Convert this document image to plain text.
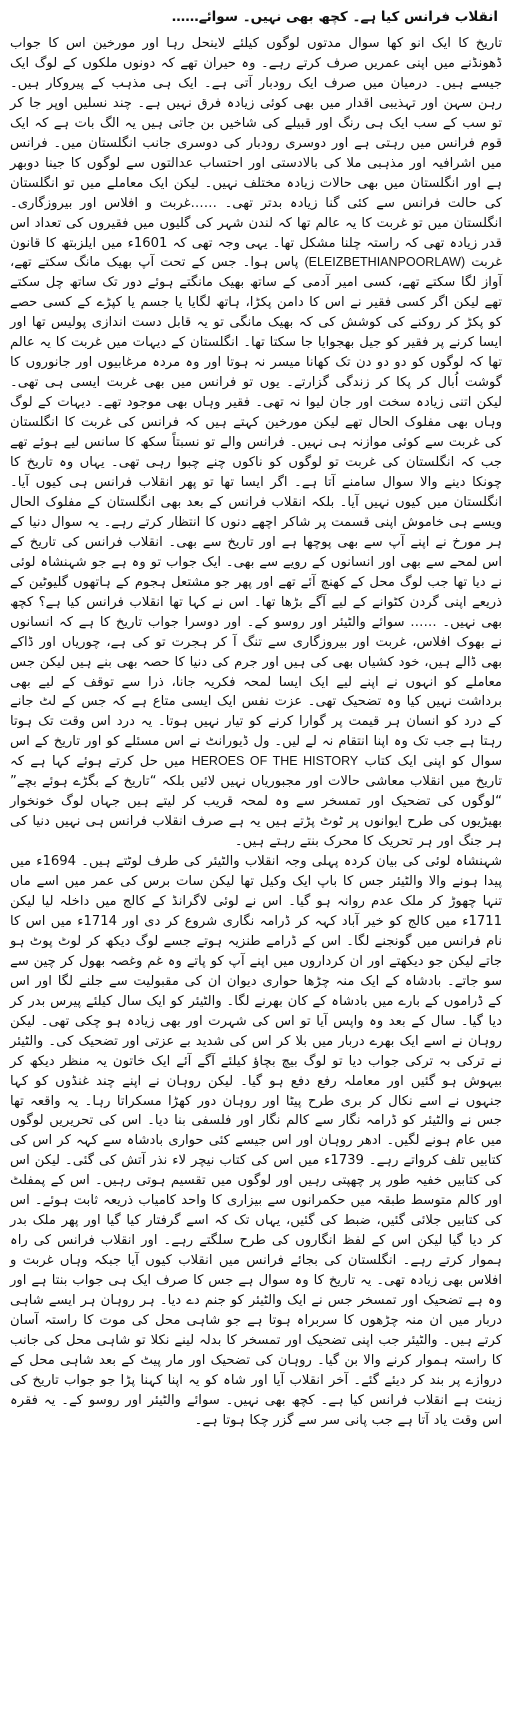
انقلاب فرانس کیا ہے۔ کچھ بھی نہیں۔ سوائے……
تاریخ کا ایک انو کھا سوال مدتوں لوگوں کیلئے لاینحل رہا اور مورخین اس کا جواب ڈھونڈنے میں اپنی عمریں صرف کرتے رہے۔ وہ حیران تھے کہ دونوں ملکوں کے لوگ ایک جیسے ہیں۔ درمیان میں صرف ایک رودبار آتی ہے۔ ایک ہی مذہب کے پیروکار ہیں۔ رہن سہن اور تہذیبی اقدار میں بھی کوئی زیادہ فرق نہیں ہے۔ چند نسلیں اوپر جا کر تو سب کے سب ایک ہی رنگ اور قبیلے کی شاخیں بن جاتی ہیں یہ الگ بات ہے کہ ایک قوم فرانس میں رہتی ہے اور دوسری رودبار کی دوسری جانب انگلستان میں۔ فرانس میں اشرافیہ اور مذہبی ملا کی بالادستی اور احتساب عدالتوں سے لوگوں کا جینا دوبھر ہے اور انگلستان میں بھی حالات زیادہ مختلف نہیں۔ لیکن ایک معاملے میں تو انگلستان کی حالت فرانس سے کئی گنا زیادہ بدتر تھی۔ ……غربت و افلاس اور بیروزگاری۔ انگلستان میں تو غربت کا یہ عالم تھا کہ لندن شہر کی گلیوں میں فقیروں کی تعداد اس قدر زیادہ تھی کہ راستہ چلنا مشکل تھا۔ یہی وجہ تھی کہ 1601ء میں ایلزبتھ کا قانون غربت (ELEIZBETHIANPOORLAW) پاس ہوا۔ جس کے تحت آپ بھیک مانگ سکتے تھے، آواز لگا سکتے تھے، کسی امیر آدمی کے ساتھ بھیک مانگتے ہوئے دور تک ساتھ چل سکتے تھے لیکن اگر کسی فقیر نے اس کا دامن پکڑا، ہاتھ لگایا یا جسم یا کپڑے کے کسی حصے کو پکڑ کر روکنے کی کوشش کی کہ بھیک مانگی تو یہ قابل دست اندازی پولیس تھا اور ایسا کرنے پر فقیر کو جیل بھجوایا جا سکتا تھا۔ انگلستان کے دیہات میں غربت کا یہ عالم تھا کہ لوگوں کو دو دو دن تک کھانا میسر نہ ہوتا اور وہ مردہ مرغابیوں اور جانوروں کا گوشت اُبال کر پکا کر زندگی گزارتے۔ یوں تو فرانس میں بھی غربت ایسی ہی تھی۔ لیکن اتنی زیادہ سخت اور جان لیوا نہ تھی۔ فقیر وہاں بھی موجود تھے۔ دیہات کے لوگ وہاں بھی مفلوک الحال تھے لیکن مورخین کہتے ہیں کہ فرانس کی غربت کا انگلستان کی غربت سے کوئی موازنہ ہی نہیں۔ فرانس والے تو نسبتاً سکھ کا سانس لیے ہوئے تھے جب کہ انگلستان کی غربت تو لوگوں کو ناکوں چنے چبوا رہی تھی۔ یہاں وہ تاریخ کا چونکا دینے والا سوال سامنے آتا ہے۔ اگر ایسا تھا تو پھر انقلاب فرانس ہی کیوں آیا۔ انگلستان میں کیوں نہیں آیا۔ بلکہ انقلاب فرانس کے بعد بھی انگلستان کے مفلوک الحال ویسے ہی خاموش اپنی قسمت پر شاکر اچھے دنوں کا انتظار کرتے رہے۔ یہ سوال دنیا کے ہر مورخ نے اپنے آپ سے بھی پوچھا ہے اور تاریخ سے بھی۔ انقلاب فرانس کی تاریخ کے اس لمحے سے بھی اور انسانوں کے رویے سے بھی۔ ایک جواب تو وہ ہے جو شہنشاہ لوئی نے دیا تھا جب لوگ محل کے کھنچ آئے تھے اور پھر جو مشتعل ہجوم کے ہاتھوں گلیوٹین کے ذریعے اپنی گردن کٹوانے کے لیے آگے بڑھا تھا۔ اس نے کہا تھا انقلاب فرانس کیا ہے؟ کچھ بھی نہیں۔ …… سوائے والٹیئر اور روسو کے۔ اور دوسرا جواب تاریخ کا ہے کہ انسانوں نے بھوک افلاس، غربت اور بیروزگاری سے تنگ آ کر ہجرت تو کی ہے، چوریاں اور ڈاکے بھی ڈالے ہیں، خود کشیاں بھی کی ہیں اور جرم کی دنیا کا حصہ بھی بنے ہیں لیکن جس معاملے کو انہوں نے اپنے لیے ایک ایسا لمحہ فکریہ جانا، ذرا سے توقف کے لیے بھی برداشت نہیں کیا وہ تضحیک تھی۔ عزت نفس ایک ایسی متاع ہے کہ جس کے لٹ جانے کے درد کو انسان ہر قیمت پر گوارا کرنے کو تیار نہیں ہوتا۔ یہ درد اس وقت تک ہوتا رہتا ہے جب تک وہ اپنا انتقام نہ لے لیں۔ ول ڈیورانٹ نے اس مسئلے کو اور تاریخ کے اس سوال کو اپنی ایک کتاب HEROES OF THE HISTORY میں حل کرتے ہوئے کہا ہے کہ تاریخ میں انقلاب معاشی حالات اور مجبوریاں نہیں لائیں بلکہ “تاریخ کے بگڑے ہوئے بچے” “لوگوں کی تضحیک اور تمسخر سے وہ لمحہ قریب کر لیتے ہیں جہاں لوگ خونخوار بھیڑیوں کی طرح ایوانوں پر ٹوٹ پڑتے ہیں یہ ہے صرف انقلاب فرانس ہی نہیں دنیا کی ہر جنگ اور ہر تحریک کا محرک بنتے رہتے ہیں۔

شہنشاہ لوئی کی بیان کردہ پہلی وجہ انقلاب والٹیئر کی طرف لوٹتے ہیں۔ 1694ء میں پیدا ہونے والا والٹیئر جس کا باپ ایک وکیل تھا لیکن سات برس کی عمر میں اسے ماں تنہا چھوڑ کر ملک عدم روانہ ہو گیا۔ اس نے لوئی لاگرانڈ کے کالج میں داخلہ لیا لیکن 1711ء میں کالج کو خیر آباد کہہ کر ڈرامہ نگاری شروع کر دی اور 1714ء میں اس کا نام فرانس میں گونجنے لگا۔ اس کے ڈرامے طنزیہ ہوتے جسے لوگ دیکھ کر لوٹ پوٹ ہو جاتے لیکن جو دیکھتے اور ان کرداروں میں اپنے آپ کو پاتے وہ غم وغصہ بھول کر چین سے سو جاتے۔ بادشاہ کے ایک منہ چڑھا حواری دیوان ان کی مقبولیت سے جلنے لگا اور اس کے ڈراموں کے بارے میں بادشاہ کے کان بھرنے لگا۔ والٹیئر کو ایک سال کیلئے پیرس بدر کر دیا گیا۔ سال کے بعد وہ واپس آیا تو اس کی شہرت اور بھی زیادہ ہو چکی تھی۔ لیکن روہان نے اسے ایک بھرے دربار میں بلا کر اس کی شدید بے عزتی اور تضحیک کی۔ والٹیئر نے ترکی بہ ترکی جواب دیا تو لوگ بیچ بچاؤ کیلئے آگے آئے ایک خاتون یہ منظر دیکھ کر بیہوش ہو گئیں اور معاملہ رفع دفع ہو گیا۔ لیکن روہان نے اپنے چند غنڈوں کو کہا جنہوں نے اسے نکال کر بری طرح پیٹا اور روہان دور کھڑا مسکراتا رہا۔ یہ واقعہ تھا جس نے والٹیئر کو ڈرامہ نگار سے کالم نگار اور فلسفی بنا دیا۔ اس کی تحریریں لوگوں میں عام ہونے لگیں۔ ادھر روہان اور اس جیسے کئی حواری بادشاہ سے کہہ کر اس کی کتابیں تلف کرواتے رہے۔ 1739ء میں اس کی کتاب نیچر لاء نذر آتش کی گئی۔ لیکن اس کی کتابیں خفیہ طور پر چھپتی رہیں اور لوگوں میں تقسیم ہوتی رہیں۔ اس کے پمفلٹ اور کالم متوسط طبقہ میں حکمرانوں سے بیزاری کا واحد کامیاب ذریعہ ثابت ہوئے۔ اس کی کتابیں جلائی گئیں، ضبط کی گئیں، یہاں تک کہ اسے گرفتار کیا گیا اور پھر ملک بدر کر دیا گیا لیکن اس کے لفظ انگاروں کی طرح سلگتے رہے۔ اور انقلاب فرانس کی راہ ہموار کرتے رہے۔ انگلستان کی بجائے فرانس میں انقلاب کیوں آیا جبکہ وہاں غربت و افلاس بھی زیادہ تھی۔ یہ تاریخ کا وہ سوال ہے جس کا صرف ایک ہی جواب بنتا ہے اور وہ ہے تضحیک اور تمسخر جس نے ایک والٹیئر کو جنم دے دیا۔ ہر روہان ہر ایسے شاہی دربار میں ان منہ چڑھوں کا سربراہ ہوتا ہے جو شاہی محل کی موت کا راستہ آسان کرتے ہیں۔ والٹیئر جب اپنی تضحیک اور تمسخر کا بدلہ لینے نکلا تو شاہی محل کی جانب کا راستہ ہموار کرنے والا بن گیا۔ روہان کی تضحیک اور مار پیٹ کے بعد شاہی محل کے دروازے پر بند کر دیئے گئے۔ آخر انقلاب آیا اور شاہ کو یہ اپنا کہنا پڑا جو جواب تاریخ کی زینت ہے انقلاب فرانس کیا ہے۔ کچھ بھی نہیں۔ سوائے والٹیئر اور روسو کے۔ یہ فقرہ اس وقت یاد آتا ہے جب پانی سر سے گزر چکا ہوتا ہے۔
